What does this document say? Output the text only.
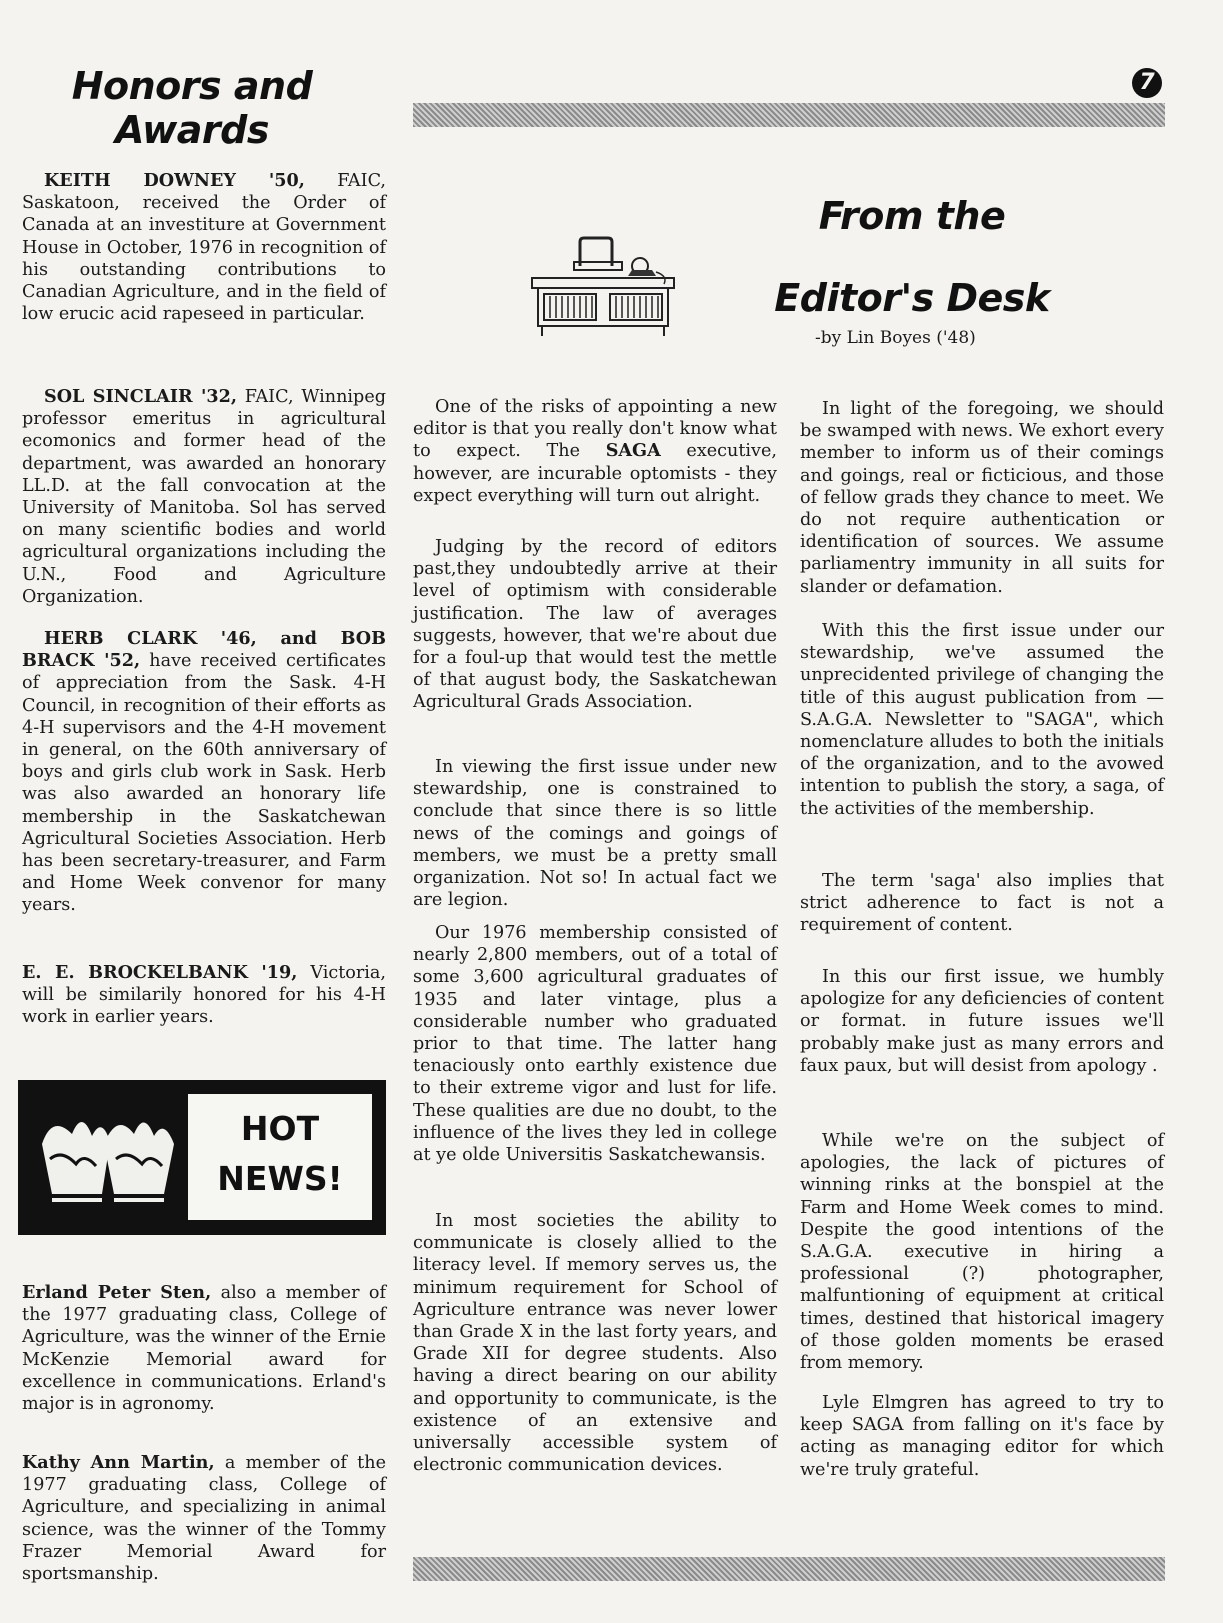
Honors and
Awards
7
From the
Editor's Desk
-by Lin Boyes ('48)

KEITH DOWNEY '50, FAIC, Saskatoon, received the Order of Canada at an investiture at Government House in October, 1976 in recognition of his outstanding contributions to Canadian Agriculture, and in the field of low erucic acid rapeseed in particular.

SOL SINCLAIR '32, FAIC, Winnipeg professor emeritus in agricultural ecomonics and former head of the department, was awarded an honorary LL.D. at the fall convocation at the University of Manitoba. Sol has served on many scientific bodies and world agricultural organizations including the U.N., Food and Agriculture Organization.

HERB CLARK '46, and BOB BRACK '52, have received certificates of appreciation from the Sask. 4-H Council, in recognition of their efforts as 4-H supervisors and the 4-H movement in general, on the 60th anniversary of boys and girls club work in Sask. Herb was also awarded an honorary life membership in the Saskatchewan Agricultural Societies Association. Herb has been secretary-treasurer, and Farm and Home Week convenor for many years.

E. E. BROCKELBANK '19, Victoria, will be similarily honored for his 4-H work in earlier years.

HOT
NEWS!

Erland Peter Sten, also a member of the 1977 graduating class, College of Agriculture, was the winner of the Ernie McKenzie Memorial award for excellence in communications. Erland's major is in agronomy.

Kathy Ann Martin, a member of the 1977 graduating class, College of Agriculture, and specializing in animal science, was the winner of the Tommy Frazer Memorial Award for sportsmanship.

One of the risks of appointing a new editor is that you really don't know what to expect. The SAGA executive, however, are incurable optomists - they expect everything will turn out alright.

Judging by the record of editors past,they undoubtedly arrive at their level of optimism with considerable justification. The law of averages suggests, however, that we're about due for a foul-up that would test the mettle of that august body, the Saskatchewan Agricultural Grads Association.

In viewing the first issue under new stewardship, one is constrained to conclude that since there is so little news of the comings and goings of members, we must be a pretty small organization. Not so! In actual fact we are legion.

Our 1976 membership consisted of nearly 2,800 members, out of a total of some 3,600 agricultural graduates of 1935 and later vintage, plus a considerable number who graduated prior to that time. The latter hang tenaciously onto earthly existence due to their extreme vigor and lust for life. These qualities are due no doubt, to the influence of the lives they led in college at ye olde Universitis Saskatchewansis.

In most societies the ability to communicate is closely allied to the literacy level. If memory serves us, the minimum requirement for School of Agriculture entrance was never lower than Grade X in the last forty years, and Grade XII for degree students. Also having a direct bearing on our ability and opportunity to communicate, is the existence of an extensive and universally accessible system of electronic communication devices.

In light of the foregoing, we should be swamped with news. We exhort every member to inform us of their comings and goings, real or ficticious, and those of fellow grads they chance to meet. We do not require authentication or identification of sources. We assume parliamentry immunity in all suits for slander or defamation.

With this the first issue under our stewardship, we've assumed the unprecidented privilege of changing the title of this august publication from — S.A.G.A. Newsletter to "SAGA", which nomenclature alludes to both the initials of the organization, and to the avowed intention to publish the story, a saga, of the activities of the membership.

The term 'saga' also implies that strict adherence to fact is not a requirement of content.

In this our first issue, we humbly apologize for any deficiencies of content or format. in future issues we'll probably make just as many errors and faux paux, but will desist from apology .

While we're on the subject of apologies, the lack of pictures of winning rinks at the bonspiel at the Farm and Home Week comes to mind. Despite the good intentions of the S.A.G.A. executive in hiring a professional (?) photographer, malfuntioning of equipment at critical times, destined that historical imagery of those golden moments be erased from memory.

Lyle Elmgren has agreed to try to keep SAGA from falling on it's face by acting as managing editor for which we're truly grateful.
